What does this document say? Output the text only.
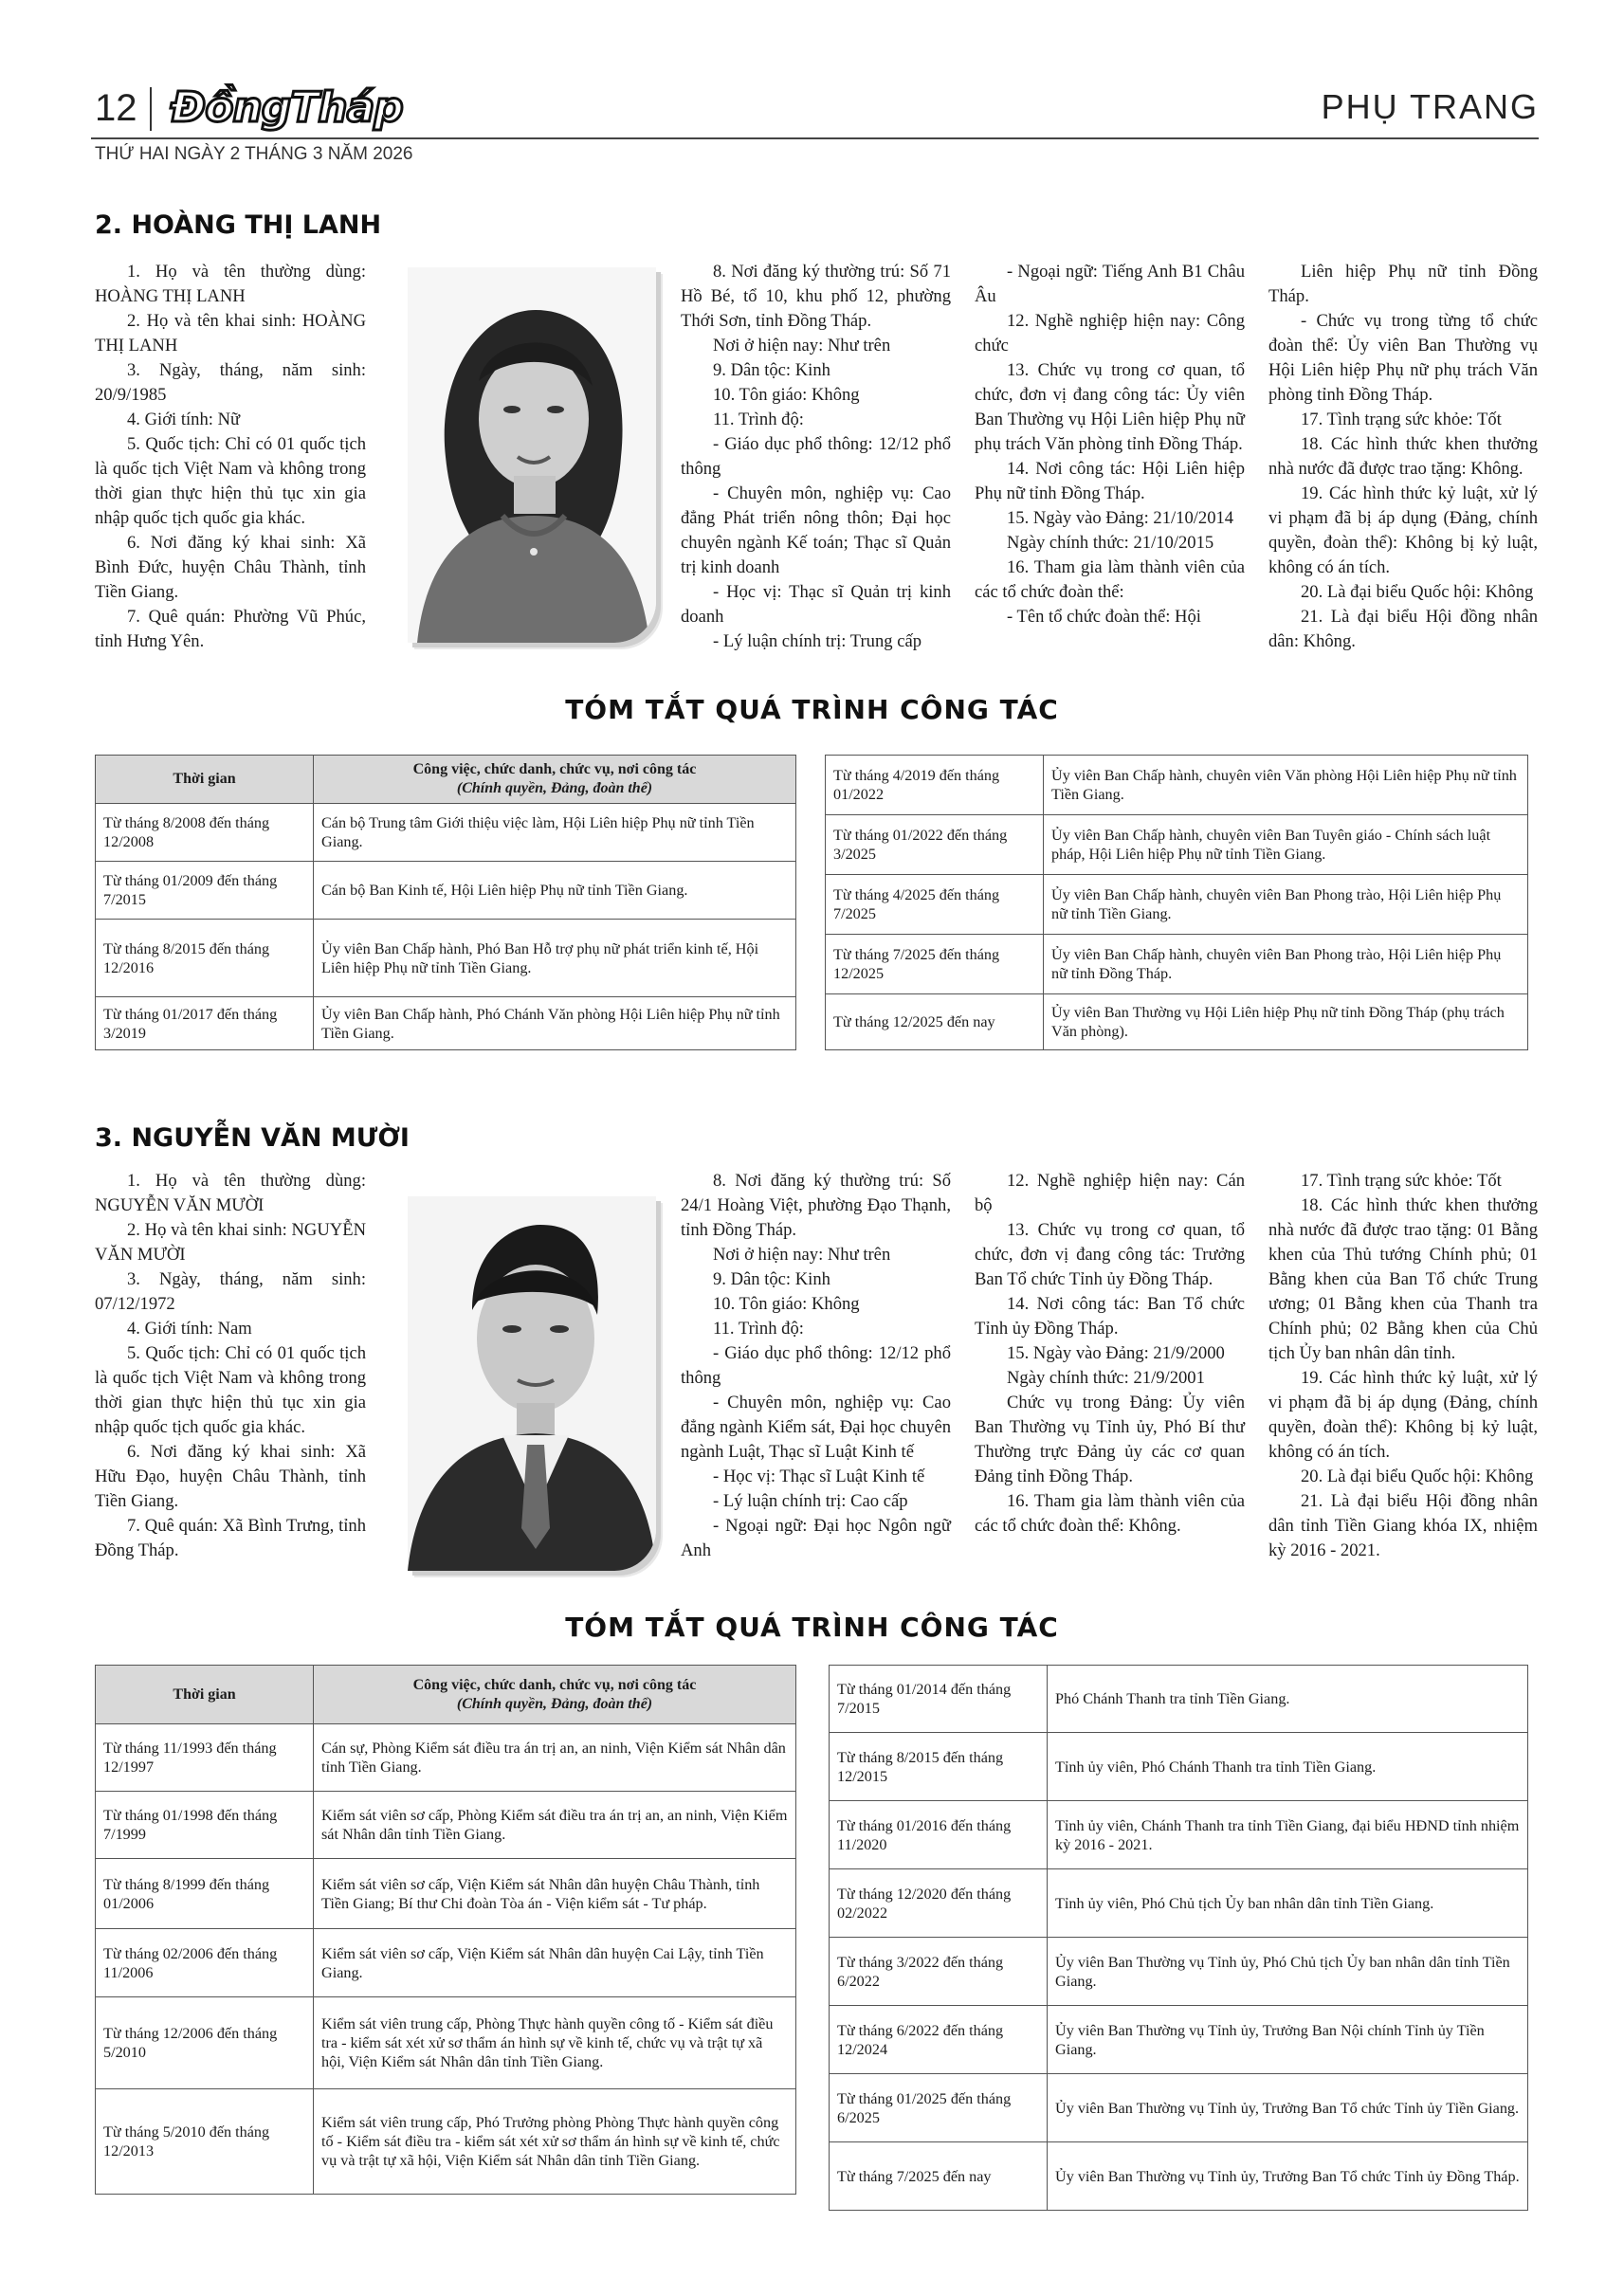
12 ĐồngTháp	PHỤ TRANG
THỨ HAI NGÀY 2 THÁNG 3 NĂM 2026
2. HOÀNG THỊ LANH

1. Họ và tên thường dùng: HOÀNG THỊ LANH

2. Họ và tên khai sinh: HOÀNG THỊ LANH

3. Ngày, tháng, năm sinh: 20/9/1985

4. Giới tính: Nữ

5. Quốc tịch: Chỉ có 01 quốc tịch là quốc tịch Việt Nam và không trong thời gian thực hiện thủ tục xin gia nhập quốc tịch quốc gia khác.

6. Nơi đăng ký khai sinh: Xã Bình Đức, huyện Châu Thành, tỉnh Tiền Giang.

7. Quê quán: Phường Vũ Phúc, tỉnh Hưng Yên.

8. Nơi đăng ký thường trú: Số 71 Hồ Bé, tổ 10, khu phố 12, phường Thới Sơn, tỉnh Đồng Tháp.

Nơi ở hiện nay: Như trên

9. Dân tộc: Kinh

10. Tôn giáo: Không

11. Trình độ:

- Giáo dục phổ thông: 12/12 phổ thông

- Chuyên môn, nghiệp vụ: Cao đẳng Phát triển nông thôn; Đại học chuyên ngành Kế toán; Thạc sĩ Quản trị kinh doanh

- Học vị: Thạc sĩ Quản trị kinh doanh

- Lý luận chính trị: Trung cấp

- Ngoại ngữ: Tiếng Anh B1 Châu Âu

12. Nghề nghiệp hiện nay: Công chức

13. Chức vụ trong cơ quan, tổ chức, đơn vị đang công tác: Ủy viên Ban Thường vụ Hội Liên hiệp Phụ nữ phụ trách Văn phòng tỉnh Đồng Tháp.

14. Nơi công tác: Hội Liên hiệp Phụ nữ tỉnh Đồng Tháp.

15. Ngày vào Đảng: 21/10/2014

Ngày chính thức: 21/10/2015

16. Tham gia làm thành viên của các tổ chức đoàn thể:

- Tên tổ chức đoàn thể: Hội

Liên hiệp Phụ nữ tỉnh Đồng Tháp.

- Chức vụ trong từng tổ chức đoàn thể: Ủy viên Ban Thường vụ Hội Liên hiệp Phụ nữ phụ trách Văn phòng tỉnh Đồng Tháp.

17. Tình trạng sức khỏe: Tốt

18. Các hình thức khen thưởng nhà nước đã được trao tặng: Không.

19. Các hình thức kỷ luật, xử lý vi phạm đã bị áp dụng (Đảng, chính quyền, đoàn thể): Không bị kỷ luật, không có án tích.

20. Là đại biểu Quốc hội: Không

21. Là đại biểu Hội đồng nhân dân: Không.

TÓM TẮT QUÁ TRÌNH CÔNG TÁC
Thời gian	Công việc, chức danh, chức vụ, nơi công tác
(Chính quyền, Đảng, đoàn thể)

Từ tháng 8/2008 đến tháng 12/2008	Cán bộ Trung tâm Giới thiệu việc làm, Hội Liên hiệp Phụ nữ tỉnh Tiền Giang.
Từ tháng 01/2009 đến tháng 7/2015	Cán bộ Ban Kinh tế, Hội Liên hiệp Phụ nữ tỉnh Tiền Giang.
Từ tháng 8/2015 đến tháng 12/2016	Ủy viên Ban Chấp hành, Phó Ban Hỗ trợ phụ nữ phát triển kinh tế, Hội Liên hiệp Phụ nữ tỉnh Tiền Giang.
Từ tháng 01/2017 đến tháng 3/2019	Ủy viên Ban Chấp hành, Phó Chánh Văn phòng Hội Liên hiệp Phụ nữ tỉnh Tiền Giang.
Từ tháng 4/2019 đến tháng 01/2022	Ủy viên Ban Chấp hành, chuyên viên Văn phòng Hội Liên hiệp Phụ nữ tỉnh Tiền Giang.
Từ tháng 01/2022 đến tháng 3/2025	Ủy viên Ban Chấp hành, chuyên viên Ban Tuyên giáo - Chính sách luật pháp, Hội Liên hiệp Phụ nữ tỉnh Tiền Giang.
Từ tháng 4/2025 đến tháng 7/2025	Ủy viên Ban Chấp hành, chuyên viên Ban Phong trào, Hội Liên hiệp Phụ nữ tỉnh Tiền Giang.
Từ tháng 7/2025 đến tháng 12/2025	Ủy viên Ban Chấp hành, chuyên viên Ban Phong trào, Hội Liên hiệp Phụ nữ tỉnh Đồng Tháp.
Từ tháng 12/2025 đến nay	Ủy viên Ban Thường vụ Hội Liên hiệp Phụ nữ tỉnh Đồng Tháp (phụ trách Văn phòng).
3. NGUYỄN VĂN MƯỜI

1. Họ và tên thường dùng: NGUYỄN VĂN MƯỜI

2. Họ và tên khai sinh: NGUYỄN VĂN MƯỜI

3. Ngày, tháng, năm sinh: 07/12/1972

4. Giới tính: Nam

5. Quốc tịch: Chỉ có 01 quốc tịch là quốc tịch Việt Nam và không trong thời gian thực hiện thủ tục xin gia nhập quốc tịch quốc gia khác.

6. Nơi đăng ký khai sinh: Xã Hữu Đạo, huyện Châu Thành, tỉnh Tiền Giang.

7. Quê quán: Xã Bình Trưng, tỉnh Đồng Tháp.

8. Nơi đăng ký thường trú: Số 24/1 Hoàng Việt, phường Đạo Thạnh, tỉnh Đồng Tháp.

Nơi ở hiện nay: Như trên

9. Dân tộc: Kinh

10. Tôn giáo: Không

11. Trình độ:

- Giáo dục phổ thông: 12/12 phổ thông

- Chuyên môn, nghiệp vụ: Cao đẳng ngành Kiểm sát, Đại học chuyên ngành Luật, Thạc sĩ Luật Kinh tế

- Học vị: Thạc sĩ Luật Kinh tế

- Lý luận chính trị: Cao cấp

- Ngoại ngữ: Đại học Ngôn ngữ Anh

12. Nghề nghiệp hiện nay: Cán bộ

13. Chức vụ trong cơ quan, tổ chức, đơn vị đang công tác: Trưởng Ban Tổ chức Tỉnh ủy Đồng Tháp.

14. Nơi công tác: Ban Tổ chức Tỉnh ủy Đồng Tháp.

15. Ngày vào Đảng: 21/9/2000

Ngày chính thức: 21/9/2001

Chức vụ trong Đảng: Ủy viên Ban Thường vụ Tỉnh ủy, Phó Bí thư Thường trực Đảng ủy các cơ quan Đảng tỉnh Đồng Tháp.

16. Tham gia làm thành viên của các tổ chức đoàn thể: Không.

17. Tình trạng sức khỏe: Tốt

18. Các hình thức khen thưởng nhà nước đã được trao tặng: 01 Bằng khen của Thủ tướng Chính phủ; 01 Bằng khen của Ban Tổ chức Trung ương; 01 Bằng khen của Thanh tra Chính phủ; 02 Bằng khen của Chủ tịch Ủy ban nhân dân tỉnh.

19. Các hình thức kỷ luật, xử lý vi phạm đã bị áp dụng (Đảng, chính quyền, đoàn thể): Không bị kỷ luật, không có án tích.

20. Là đại biểu Quốc hội: Không

21. Là đại biểu Hội đồng nhân dân tỉnh Tiền Giang khóa IX, nhiệm kỳ 2016 - 2021.

TÓM TẮT QUÁ TRÌNH CÔNG TÁC
Thời gian	Công việc, chức danh, chức vụ, nơi công tác
(Chính quyền, Đảng, đoàn thể)

Từ tháng 11/1993 đến tháng 12/1997	Cán sự, Phòng Kiểm sát điều tra án trị an, an ninh, Viện Kiểm sát Nhân dân tỉnh Tiền Giang.
Từ tháng 01/1998 đến tháng 7/1999	Kiểm sát viên sơ cấp, Phòng Kiểm sát điều tra án trị an, an ninh, Viện Kiểm sát Nhân dân tỉnh Tiền Giang.
Từ tháng 8/1999 đến tháng 01/2006	Kiểm sát viên sơ cấp, Viện Kiểm sát Nhân dân huyện Châu Thành, tỉnh Tiền Giang; Bí thư Chi đoàn Tòa án - Viện kiểm sát - Tư pháp.
Từ tháng 02/2006 đến tháng 11/2006	Kiểm sát viên sơ cấp, Viện Kiểm sát Nhân dân huyện Cai Lậy, tỉnh Tiền Giang.
Từ tháng 12/2006 đến tháng 5/2010	Kiểm sát viên trung cấp, Phòng Thực hành quyền công tố - Kiểm sát điều tra - kiểm sát xét xử sơ thẩm án hình sự về kinh tế, chức vụ và trật tự xã hội, Viện Kiểm sát Nhân dân tỉnh Tiền Giang.
Từ tháng 5/2010 đến tháng 12/2013	Kiểm sát viên trung cấp, Phó Trưởng phòng Phòng Thực hành quyền công tố - Kiểm sát điều tra - kiểm sát xét xử sơ thẩm án hình sự về kinh tế, chức vụ và trật tự xã hội, Viện Kiểm sát Nhân dân tỉnh Tiền Giang.
Từ tháng 01/2014 đến tháng 7/2015	Phó Chánh Thanh tra tỉnh Tiền Giang.
Từ tháng 8/2015 đến tháng 12/2015	Tỉnh ủy viên, Phó Chánh Thanh tra tỉnh Tiền Giang.
Từ tháng 01/2016 đến tháng 11/2020	Tỉnh ủy viên, Chánh Thanh tra tỉnh Tiền Giang, đại biểu HĐND tỉnh nhiệm kỳ 2016 - 2021.
Từ tháng 12/2020 đến tháng 02/2022	Tỉnh ủy viên, Phó Chủ tịch Ủy ban nhân dân tỉnh Tiền Giang.
Từ tháng 3/2022 đến tháng 6/2022	Ủy viên Ban Thường vụ Tỉnh ủy, Phó Chủ tịch Ủy ban nhân dân tỉnh Tiền Giang.
Từ tháng 6/2022 đến tháng 12/2024	Ủy viên Ban Thường vụ Tỉnh ủy, Trưởng Ban Nội chính Tỉnh ủy Tiền Giang.
Từ tháng 01/2025 đến tháng 6/2025	Ủy viên Ban Thường vụ Tỉnh ủy, Trưởng Ban Tổ chức Tỉnh ủy Tiền Giang.
Từ tháng 7/2025 đến nay	Ủy viên Ban Thường vụ Tỉnh ủy, Trưởng Ban Tổ chức Tỉnh ủy Đồng Tháp.
